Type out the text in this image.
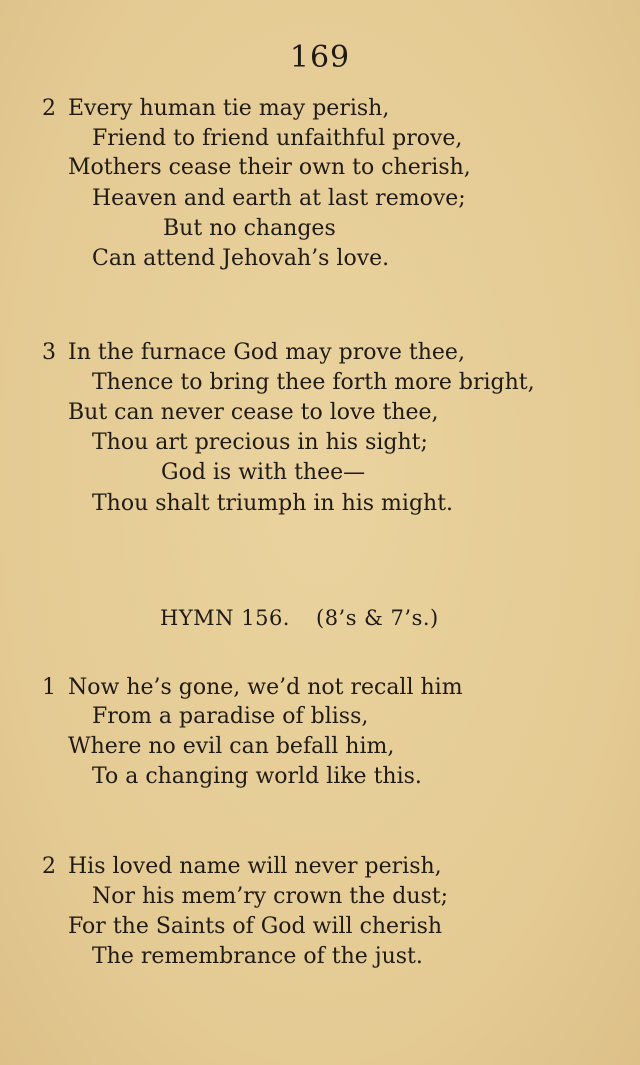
169
2 Every human tie may perish,
Friend to friend unfaithful prove,
Mothers cease their own to cherish,
Heaven and earth at last remove;
But no changes
Can attend Jehovah’s love.
3 In the furnace God may prove thee,
Thence to bring thee forth more bright,
But can never cease to love thee,
Thou art precious in his sight;
God is with thee—
Thou shalt triumph in his might.
HYMN 156. (8’s & 7’s.)
1 Now he’s gone, we’d not recall him
From a paradise of bliss,
Where no evil can befall him,
To a changing world like this.
2 His loved name will never perish,
Nor his mem’ry crown the dust;
For the Saints of God will cherish
The remembrance of the just.
